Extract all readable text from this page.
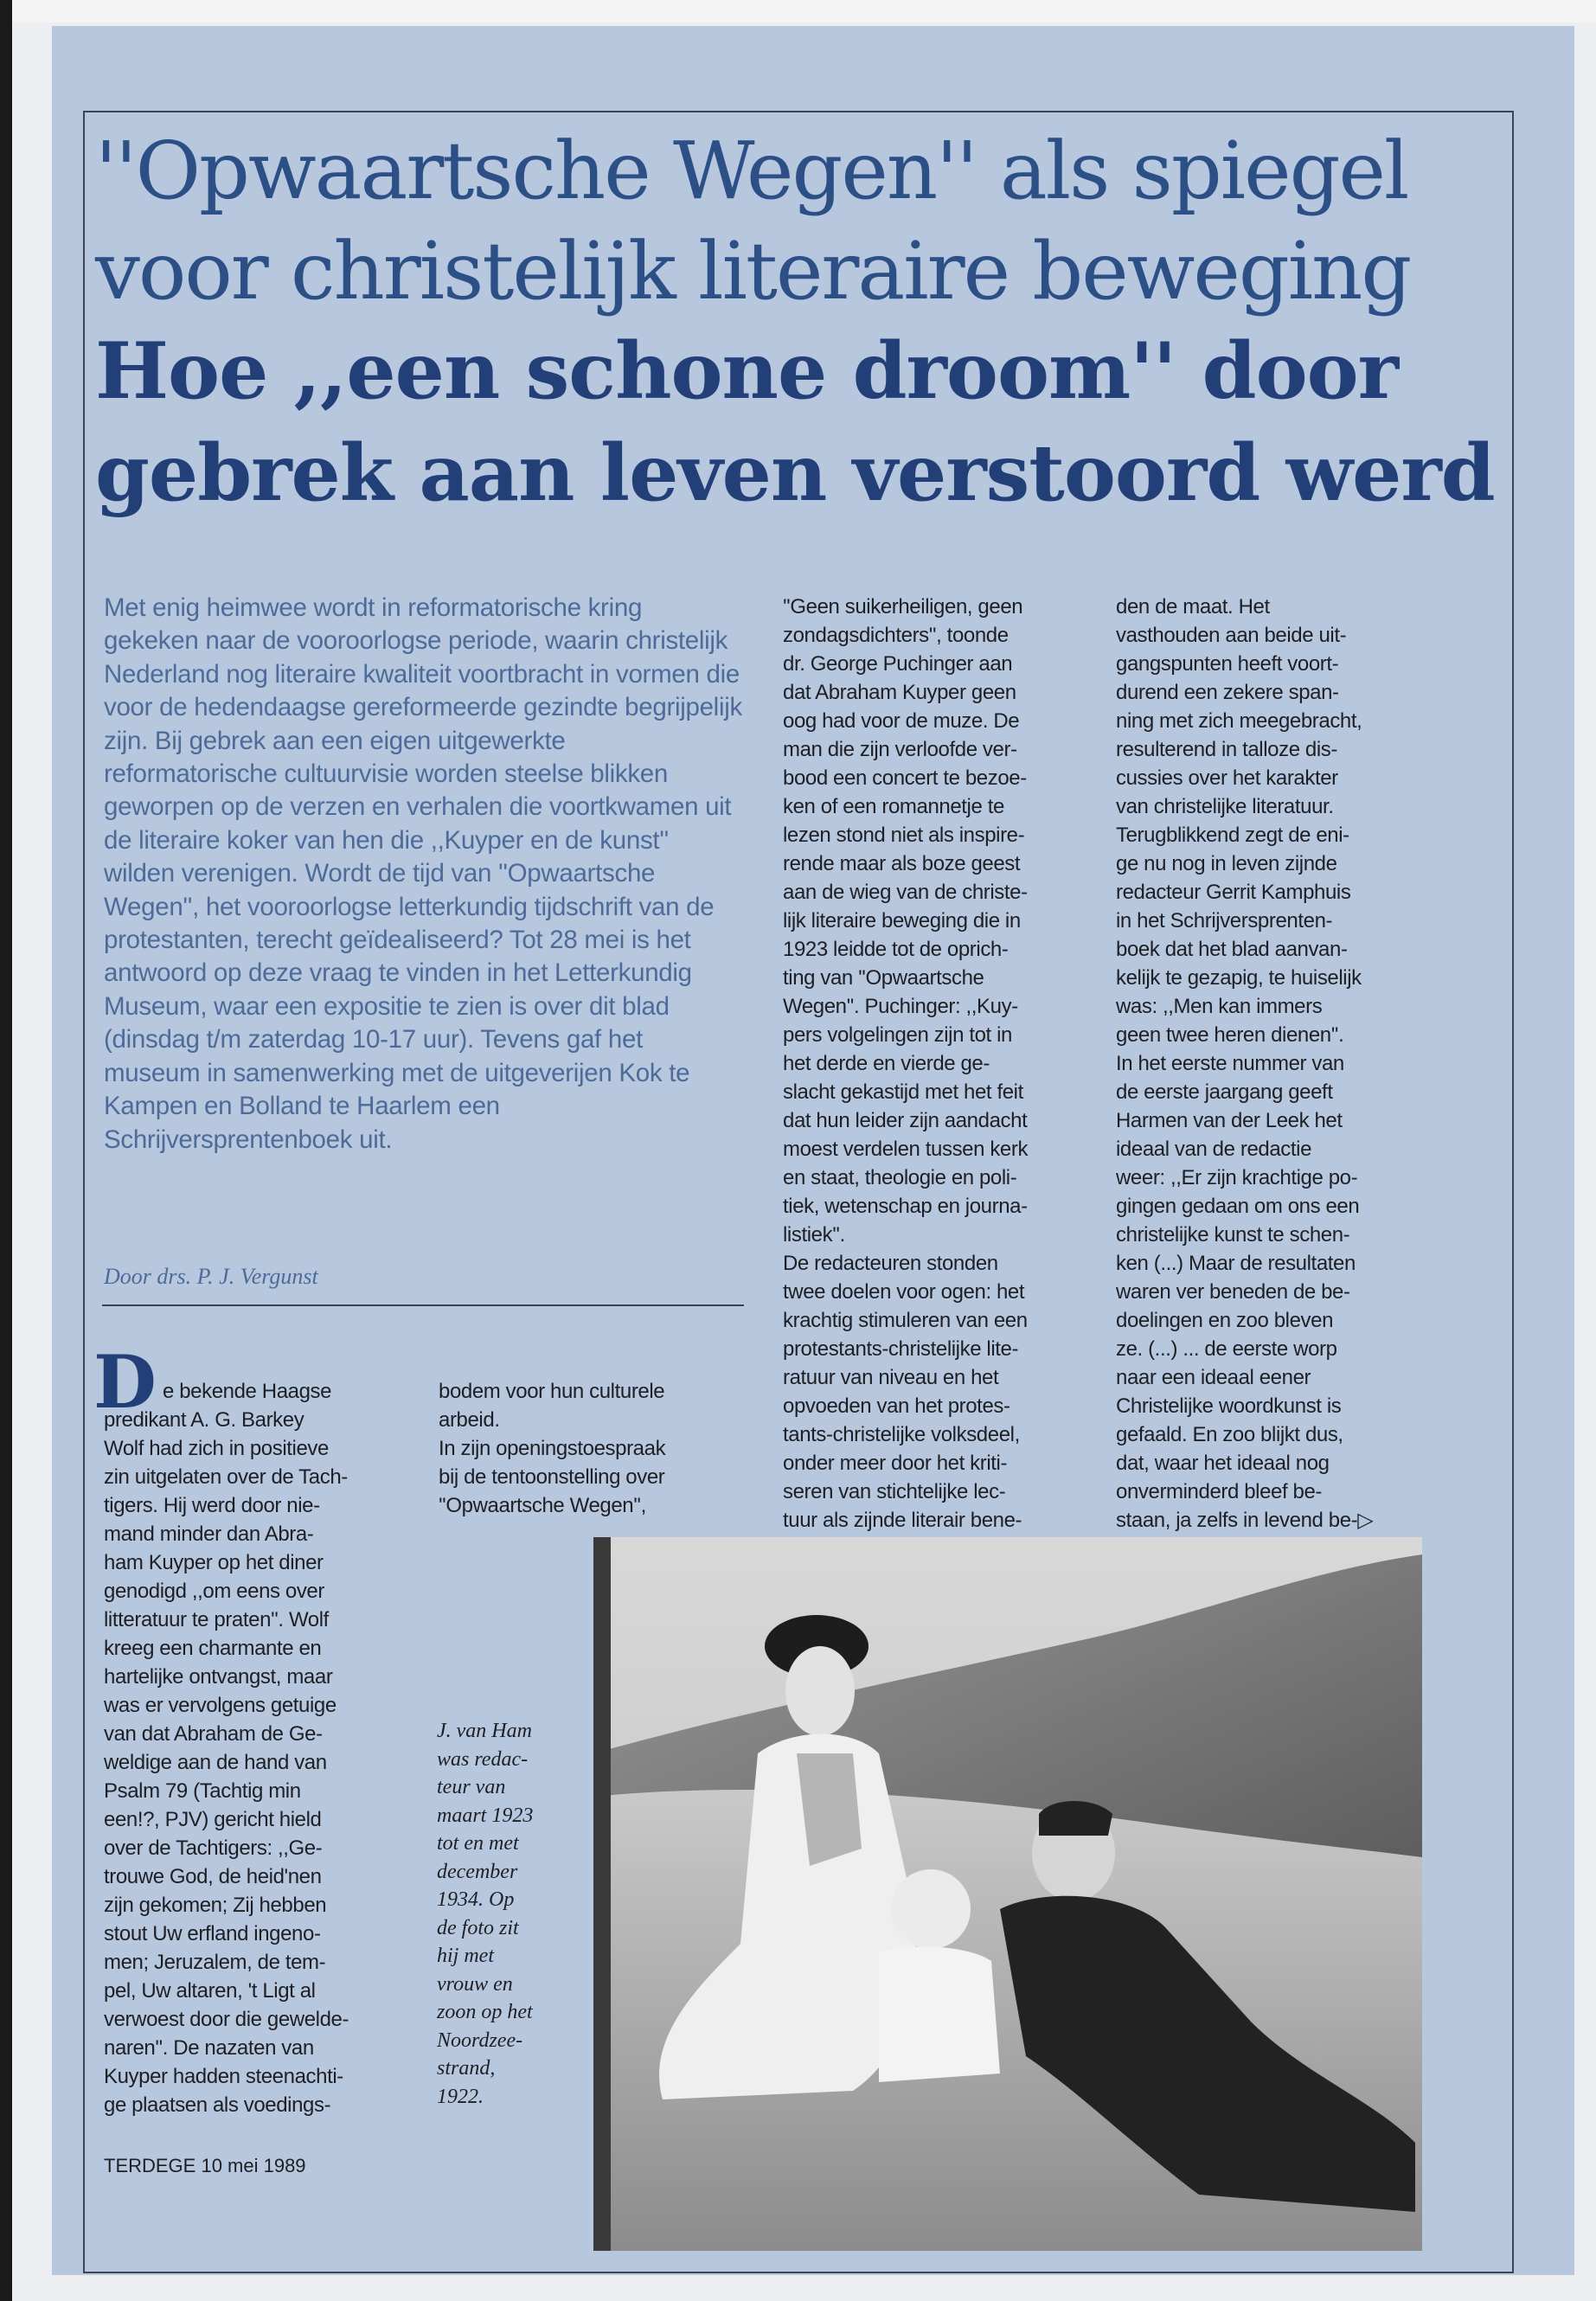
''Opwaartsche Wegen'' als spiegel
voor christelijk literaire beweging
Hoe ,,een schone droom'' door
gebrek aan leven verstoord werd

Met enig heimwee wordt in reformatorische kring gekeken naar de vooroorlogse periode, waarin christelijk Nederland nog literaire kwaliteit voortbracht in vormen die voor de hedendaagse gereformeerde gezindte begrijpelijk zijn. Bij gebrek aan een eigen uitgewerkte reformatorische cultuurvisie worden steelse blikken geworpen op de verzen en verhalen die voortkwamen uit de literaire koker van hen die ,,Kuyper en de kunst'' wilden verenigen. Wordt de tijd van ''Opwaartsche Wegen'', het vooroorlogse letterkundig tijdschrift van de protestanten, terecht geïdealiseerd? Tot 28 mei is het antwoord op deze vraag te vinden in het Letterkundig Museum, waar een expositie te zien is over dit blad (dinsdag t/m zaterdag 10-17 uur). Tevens gaf het museum in samenwerking met de uitgeverijen Kok te Kampen en Bolland te Haarlem een Schrijversprentenboek uit.

Door drs. P. J. Vergunst

D e bekende Haagse
predikant A. G. Barkey
Wolf had zich in positieve
zin uitgelaten over de Tach-
tigers. Hij werd door nie-
mand minder dan Abra-
ham Kuyper op het diner
genodigd ,,om eens over
litteratuur te praten''. Wolf
kreeg een charmante en
hartelijke ontvangst, maar
was er vervolgens getuige
van dat Abraham de Ge-
weldige aan de hand van
Psalm 79 (Tachtig min
een!?, PJV) gericht hield
over de Tachtigers: ,,Ge-
trouwe God, de heid'nen
zijn gekomen; Zij hebben
stout Uw erfland ingeno-
men; Jeruzalem, de tem-
pel, Uw altaren, 't Ligt al
verwoest door die gewelde-
naren''. De nazaten van
Kuyper hadden steenachti-
ge plaatsen als voedings-

bodem voor hun culturele
arbeid.
In zijn openingstoespraak
bij de tentoonstelling over
''Opwaartsche Wegen'',

''Geen suikerheiligen, geen
zondagsdichters'', toonde
dr. George Puchinger aan
dat Abraham Kuyper geen
oog had voor de muze. De
man die zijn verloofde ver-
bood een concert te bezoe-
ken of een romannetje te
lezen stond niet als inspire-
rende maar als boze geest
aan de wieg van de christe-
lijk literaire beweging die in
1923 leidde tot de oprich-
ting van ''Opwaartsche
Wegen''. Puchinger: ,,Kuy-
pers volgelingen zijn tot in
het derde en vierde ge-
slacht gekastijd met het feit
dat hun leider zijn aandacht
moest verdelen tussen kerk
en staat, theologie en poli-
tiek, wetenschap en journa-
listiek''.
De redacteuren stonden
twee doelen voor ogen: het
krachtig stimuleren van een
protestants-christelijke lite-
ratuur van niveau en het
opvoeden van het protes-
tants-christelijke volksdeel,
onder meer door het kriti-
seren van stichtelijke lec-
tuur als zijnde literair bene-

den de maat. Het
vasthouden aan beide uit-
gangspunten heeft voort-
durend een zekere span-
ning met zich meegebracht,
resulterend in talloze dis-
cussies over het karakter
van christelijke literatuur.
Terugblikkend zegt de eni-
ge nu nog in leven zijnde
redacteur Gerrit Kamphuis
in het Schrijversprenten-
boek dat het blad aanvan-
kelijk te gezapig, te huiselijk
was: ,,Men kan immers
geen twee heren dienen''.
In het eerste nummer van
de eerste jaargang geeft
Harmen van der Leek het
ideaal van de redactie
weer: ,,Er zijn krachtige po-
gingen gedaan om ons een
christelijke kunst te schen-
ken (...) Maar de resultaten
waren ver beneden de be-
doelingen en zoo bleven
ze. (...) ... de eerste worp
naar een ideaal eener
Christelijke woordkunst is
gefaald. En zoo blijkt dus,
dat, waar het ideaal nog
onverminderd bleef be-
staan, ja zelfs in levend be-▷

J. van Ham
was redac-
teur van
maart 1923
tot en met
december
1934. Op
de foto zit
hij met
vrouw en
zoon op het
Noordzee-
strand,
1922.

TERDEGE 10 mei 1989
